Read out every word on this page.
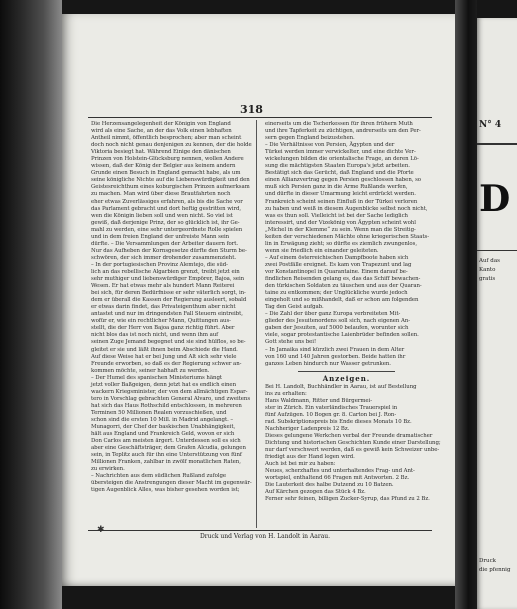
318

Die Herzensangelegenheit der Königin von England

wird als eine Sache, an der das Volk einen lebhaften

Antheil nimmt, öffentlich besprochen; aber man scheint

doch noch nicht genau denjenigen zu kennen, der die holde

Viktoria besiegt hat. Während Einige den dänischen

Prinzen von Holstein-Glücksburg nennen, wollen Andere

wissen, daß der König der Belgier aus keinem andern

Grunde einen Besuch in England gemacht habe, als um

seine königliche Nichte auf die Liebenswürdigkeit und den

Geistesreichthum eines koburgischen Prinzen aufmerksam

zu machen. Man wird über diese Brautfahrten noch

eher etwas Zuverlässiges erfahren, als bis die Sache vor

das Parlament gebracht und dort heftig gestritten wird,

wen die Königin lieben soll und wen nicht. So viel ist

gewiß, daß derjenige Prinz, der so glücklich ist, ihr Ge-

mahl zu werden, eine sehr untergeordnete Rolle spielen

und in dem freien England der unfreiste Mann sein

dürfte. – Die Versammlungen der Arbeiter dauern fort.

Nur das Aufheben der Kornsgesetze dürfte den Sturm be-

schwören, der sich immer drohender zusammenzieht.

– In der portugiesischen Provinz Alemtejo, die süd-

lich an das rebellische Algarbien grenzt, treibt jetzt ein

sehr muthiger und liebenswürdiger Empörer, Bajoa, sein

Wesen. Er hat etwas mehr als hundert Mann Reiterei

bei sich, für deren Bedürfnisse er sehr väterlich sorgt, in-

dem er überall die Kassen der Regierung ausleert, sobald

er etwas darin findet, das Privateigenthum aber nicht

antastet und nur im dringendsten Fall Steuern eintreibt,

wofür er, wie ein rechtlicher Mann, Quittungen aus-

stellt, die der Herr von Bajoa ganz richtig führt. Aber

nicht blos das ist noch nicht, und wenn ihm auf

seinen Zuge Jemand begegnet und sie sind hülflos, so be-

gleitet er sie und läßt ihnen beim Abschiede die Hand.

Auf diese Weise hat er bei Jung und Alt sich sehr viele

Freunde erworben, so daß es der Regierung schwer an-

kommen möchte, seiner habhaft zu werden.

– Der Humel des spanischen Ministeriums hängt

jetzt voller Baßgeigen, denn jetzt hat es endlich einen

wackern Kriegsminister, der von dem allmächtigen Espar-

tero in Vorschlag gebrachten General Alvaro, und zweitens

hat sich das Haus Rothschild entschlossen, in mehreren

Terminen 50 Millionen Realen vorzuschießen, und

schon sind die ersten 10 Mill. in Madrid angelangt. –

Munagorri, der Chef der baskischen Unabhängigkeit,

hält aus England und Frankreich Geld, wovon er sich

Don Carlos am meisten ärgert. Unterdessen soll es sich

aber eine Geschäftsträger, dem Grafen Alcudia, gelungen

sein, in Teplitz auch für ihn eine Unterstützung von fünf

Millionen Franken, zahlbar in zwölf monatlichen Raten,

zu erwirken.

– Nachrichten aus dem südlichen Rußland zufolge

übersteigen die Anstrengungen dieser Macht im gegenwär-

tigen Augenblick Alles, was bisher gesehen worden ist;

einerseits um die Tscherkessen für ihren frühern Muth

und ihre Tapferkeit zu züchtigen, andrerseits um den Per-

sern gegen England beizustehen.

– Die Verhältnisse von Persien, Ägypten und der

Türkei werden immer verwickelter, und eine dichte Ver-

wickelungen bilden die orientalische Frage, an deren Lö-

sung die mächtigsten Staaten Europa's jetzt arbeiten.

Bestätigt sich das Gerücht, daß England und die Pforte

einen Allianzvertrag gegen Persien geschlossen haben, so

muß sich Persien ganz in die Arme Rußlands werfen,

und dürfte in dieser Umarmung leicht erdrückt werden.

Frankreich scheint seinen Einfluß in der Türkei verloren

zu haben und weiß in diesem Augenblicke selbst noch nicht,

was es thun soll. Vielleicht ist bei der Sache lediglich

interessirt, und der Vizekönig von Ägypten scheint wohl

„Michel in der Klemme“ zu sein. Wenn man die Streitig-

keiten der verschiedenen Mächte ohne kriegerischen Staats-

lin in Erwägung zieht; so dürfte es ziemlich zwungenlos,

wenn sie friedlich ein einander geleiteten.

– Auf einem österreichischen Dampfboote haben sich

zwei Postfälle ereignet. Es kam von Trapezunt und lag

vor Konstantinopel in Quarantaine. Einem darauf be-

findlichen Reisenden gelang es, das das Schiff bewachen-

den türkischen Soldaten zu täuschen und aus der Quaran-

taine zu entkommen; der Unglückliche wurde jedoch

eingeholt und so mißhandelt, daß er schon am folgenden

Tag den Geist aufgab.

– Die Zahl der über ganz Europa verbreiteten Mit-

glieder des Jesuitenordens soll sich, nach eigenen An-

gaben der Jesuiten, auf 5000 belaufen, worunter sich

viele, sogar protestantische Laienbrüder befinden sollen.

Gott stehe uns bei!

– In Jamaika sind kürzlich zwei Frauen in dem Alter

von 160 und 140 Jahren gestorben. Beide hatten ihr

ganzes Leben hindurch nur Wasser getrunken.

Anzeigen.

Bei H. Landolt, Buchhändler in Aarau, ist auf Bestellung

ins zu erhalten:

Hans Waldmann, Ritter und Bürgermei-

ster in Zürich. Ein vaterländisches Trauerspiel in

fünf Aufzügen. 10 Bogen gr. 8. Carton bei J. Ron-

rad. Subskriptionspreis bis Ende dieses Monats 10 Bz.

Nachheriger Ladenpreis 12 Bz.

Dieses gelungene Werkchen verbal der Freunde dramatischer

Dichtung und historischen Geschichten Kunde einer Darstellung;

nur darf verschwert werden, daß es gewiß kein Schweizer unbe-

friedigt aus der Hand legen wird.

Auch ist bei mir zu haben:

Neues, scherzhaftes und unterhaltendes Frag- und Ant-

wortspiel, enthaltend 66 Fragen mit Antworten. 2 Bz.

Die Lauterkeit des halbe Dutzend zu 10 Batzen.

Auf Kärchen gezogen das Stück 4 Bz.

Ferner sehr feinen, billigen Zucker-Syrup, das Pfund zu 2 Bz.

Druck und Verlag von H. Landolt in Aarau.
N° 4
D
Auf das
Kanto
gratis
Druck
die pfennig
